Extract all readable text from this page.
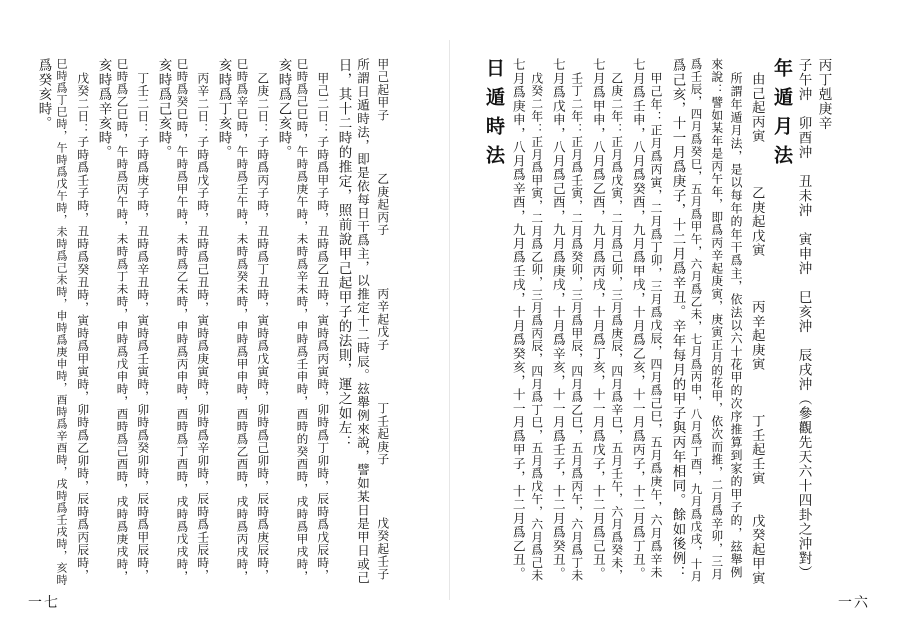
甲己起甲子　　　　乙庚起丙子　　　　丙辛起戊子　　　　丁壬起庚子　　　　戊癸起壬子
所謂日遁時法，即是依每日干爲主，以推定十二時辰。玆舉例來說，譬如某日是甲日或己
日，其十二時的推定，照前說甲己起甲子的法則，運之如左：
甲己二日：子時爲甲子時，丑時爲乙丑時，寅時爲丙寅時，卯時爲丁卯時，辰時爲戊辰時，
巳時爲己巳時，午時爲庚午時，未時爲辛未時，申時爲壬申時，酉時的癸酉時，戌時爲甲戌時，
亥時爲乙亥時。
乙庚二日：子時爲丙子時，丑時爲丁丑時，寅時爲戊寅時，卯時爲己卯時，辰時爲庚辰時，
巳時爲辛巳時，午時爲壬午時，未時爲癸未時，申時爲甲申時，酉時爲乙酉時，戌時爲丙戌時，
亥時爲丁亥時。
丙辛二日：子時爲戊子時，丑時爲己丑時，寅時爲庚寅時，卯時爲辛卯時，辰時爲壬辰時，
巳時爲癸巳時，午時爲甲午時，未時爲乙未時，申時爲丙申時，酉時爲丁酉時，戌時爲戊戌時，
亥時爲己亥時。
丁壬二日：子時爲庚子時，丑時爲辛丑時，寅時爲壬寅時，卯時爲癸卯時，辰時爲甲辰時，
巳時爲乙巳時，午時爲丙午時，未時爲丁未時，申時爲戊申時，酉時爲己酉時，戌時爲庚戌時，
亥時爲辛亥時。
戊癸二日：子時爲壬子時，丑時爲癸丑時，寅時爲甲寅時，卯時爲乙卯時，辰時爲丙辰時，
巳時爲丁巳時，午時爲戊午時，未時爲己未時，申時爲庚申時，酉時爲辛酉時，戌時爲壬戌時，亥時
爲癸亥時。
一七
丙丁剋庚辛
子午沖　卯酉沖　丑未沖　寅申沖　巳亥沖　辰戌沖（參觀先天六十四卦之沖對）
年遁月法
由己起丙寅　　　乙庚起戊寅　　　丙辛起庚寅　　　丁壬起壬寅　　戊癸起甲寅
所謂年遁月法，是以每年的年干爲主，依法以六十花甲的次序推算到家的甲子的，玆舉例
來說：譬如某年是丙午年，即爲丙辛起庚寅，庚寅正月的花甲，依次而推，二月爲辛卯，三月
爲壬辰，四月爲癸巳，五月爲甲午，六月爲乙未，七月爲丙申，八月爲丁酉，九月爲戊戌，十月
爲己亥，十一月爲庚子，十二月爲辛丑。辛年每月的甲子與丙年相同。餘如後例：
甲己年：正月爲丙寅，二月爲丁卯，三月爲戊辰，四月爲己巳，五月爲庚午，六月爲辛未
七月爲壬申，八月爲癸酉，九月爲甲戌，十月爲乙亥，十一月爲丙子，十二月爲丁丑。
乙庚二年：正月爲戊寅，二月爲己卯，三月爲庚辰，四月爲辛巳，五月壬午，六月爲癸未，
七月爲甲申，八月爲乙酉，九月爲丙戌，十月爲丁亥，十一月爲戊子，十二月爲己丑。
壬丁二年：正月爲壬寅，二月爲癸卯，三月爲甲辰，四月爲乙巳，五月爲丙午，六月爲丁未
七月爲戊申，八月爲己酉，九月爲庚戌，十月爲辛亥，十一月爲壬子，十二月爲癸丑。
戊癸二年：正月爲甲寅，二月爲乙卯，三月爲丙辰，四月爲丁巳，五月爲戊午，六月爲己未
七月爲庚申，八月爲辛酉，九月爲壬戌，十月爲癸亥，十一月爲甲子，十二月爲乙丑。
日遁時法
一六
